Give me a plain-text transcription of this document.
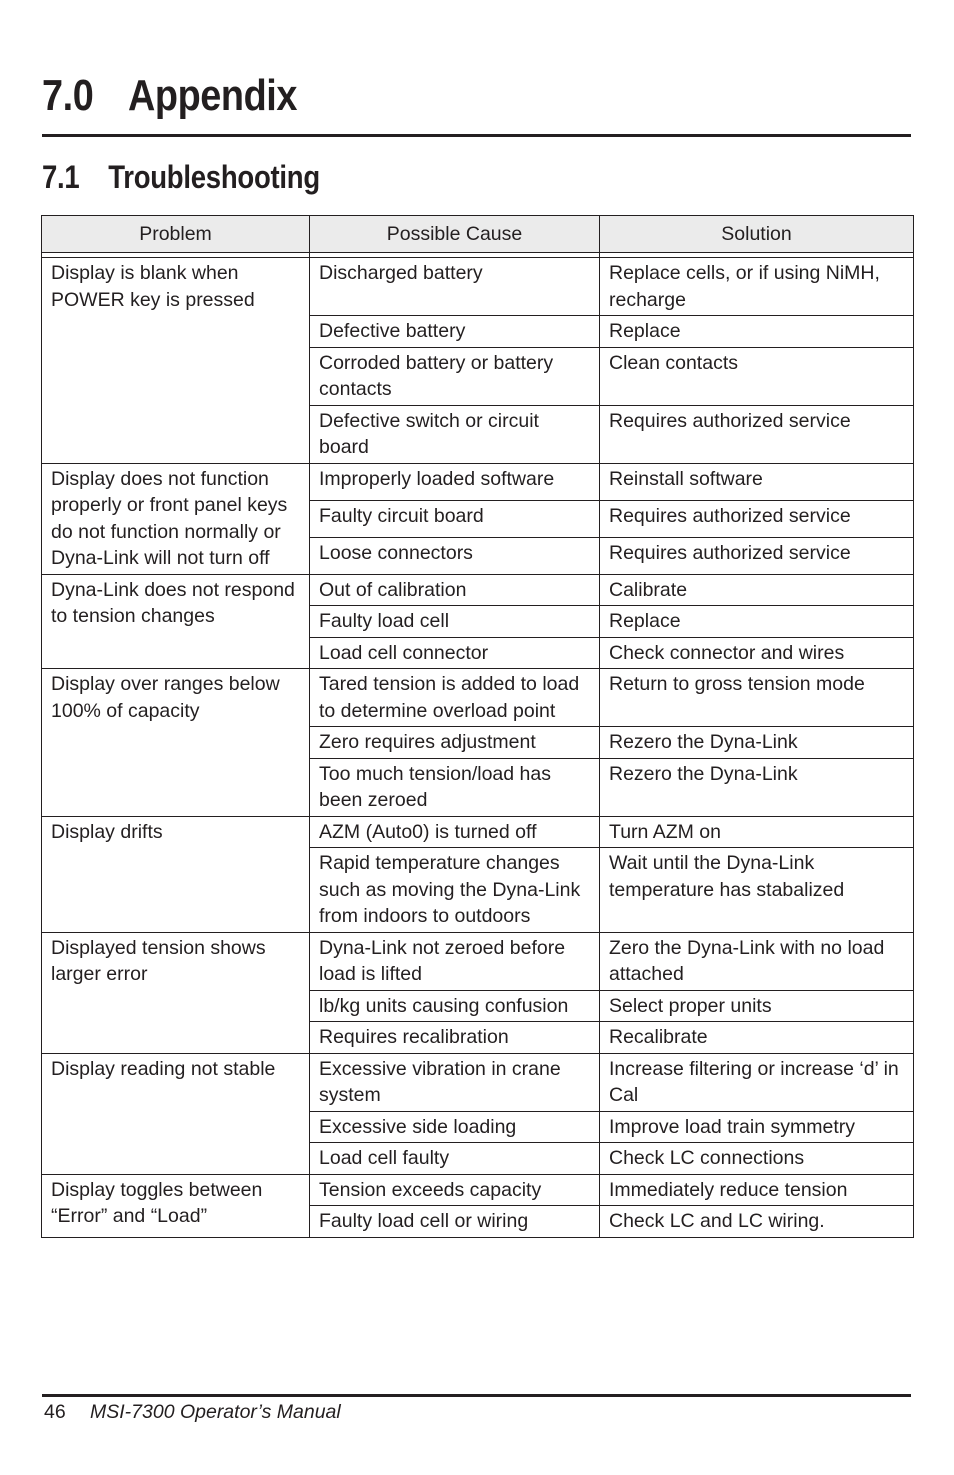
7.0 Appendix
7.1 Troubleshooting
Problem	Possible Cause	Solution

Display is blank when POWER key is pressed	Discharged battery	Replace cells, or if using NiMH, recharge
	Defective battery	Replace
	Corroded battery or battery contacts	Clean contacts
	Defective switch or circuit board	Requires authorized service
Display does not function properly or front panel keys do not function normally or Dyna-Link will not turn off	Improperly loaded software	Reinstall software
	Faulty circuit board	Requires authorized service
	Loose connectors	Requires authorized service
Dyna-Link does not respond to tension changes	Out of calibration	Calibrate
	Faulty load cell	Replace
	Load cell connector	Check connector and wires
Display over ranges below 100% of capacity	Tared tension is added to load to determine overload point	Return to gross tension mode
	Zero requires adjustment	Rezero the Dyna-Link
	Too much tension/load has been zeroed	Rezero the Dyna-Link
Display drifts	AZM (Auto0) is turned off	Turn AZM on
	Rapid temperature changes such as moving the Dyna-Link from indoors to outdoors	Wait until the Dyna-Link temperature has stabalized
Displayed tension shows larger error	Dyna-Link not zeroed before load is lifted	Zero the Dyna-Link with no load attached
	lb/kg units causing confusion	Select proper units
	Requires recalibration	Recalibrate
Display reading not stable	Excessive vibration in crane system	Increase filtering or increase ‘d’ in Cal
	Excessive side loading	Improve load train symmetry
	Load cell faulty	Check LC connections
Display toggles between “Error” and “Load”	Tension exceeds capacity	Immediately reduce tension
	Faulty load cell or wiring	Check LC and LC wiring.
46 MSI-7300 Operator’s Manual
